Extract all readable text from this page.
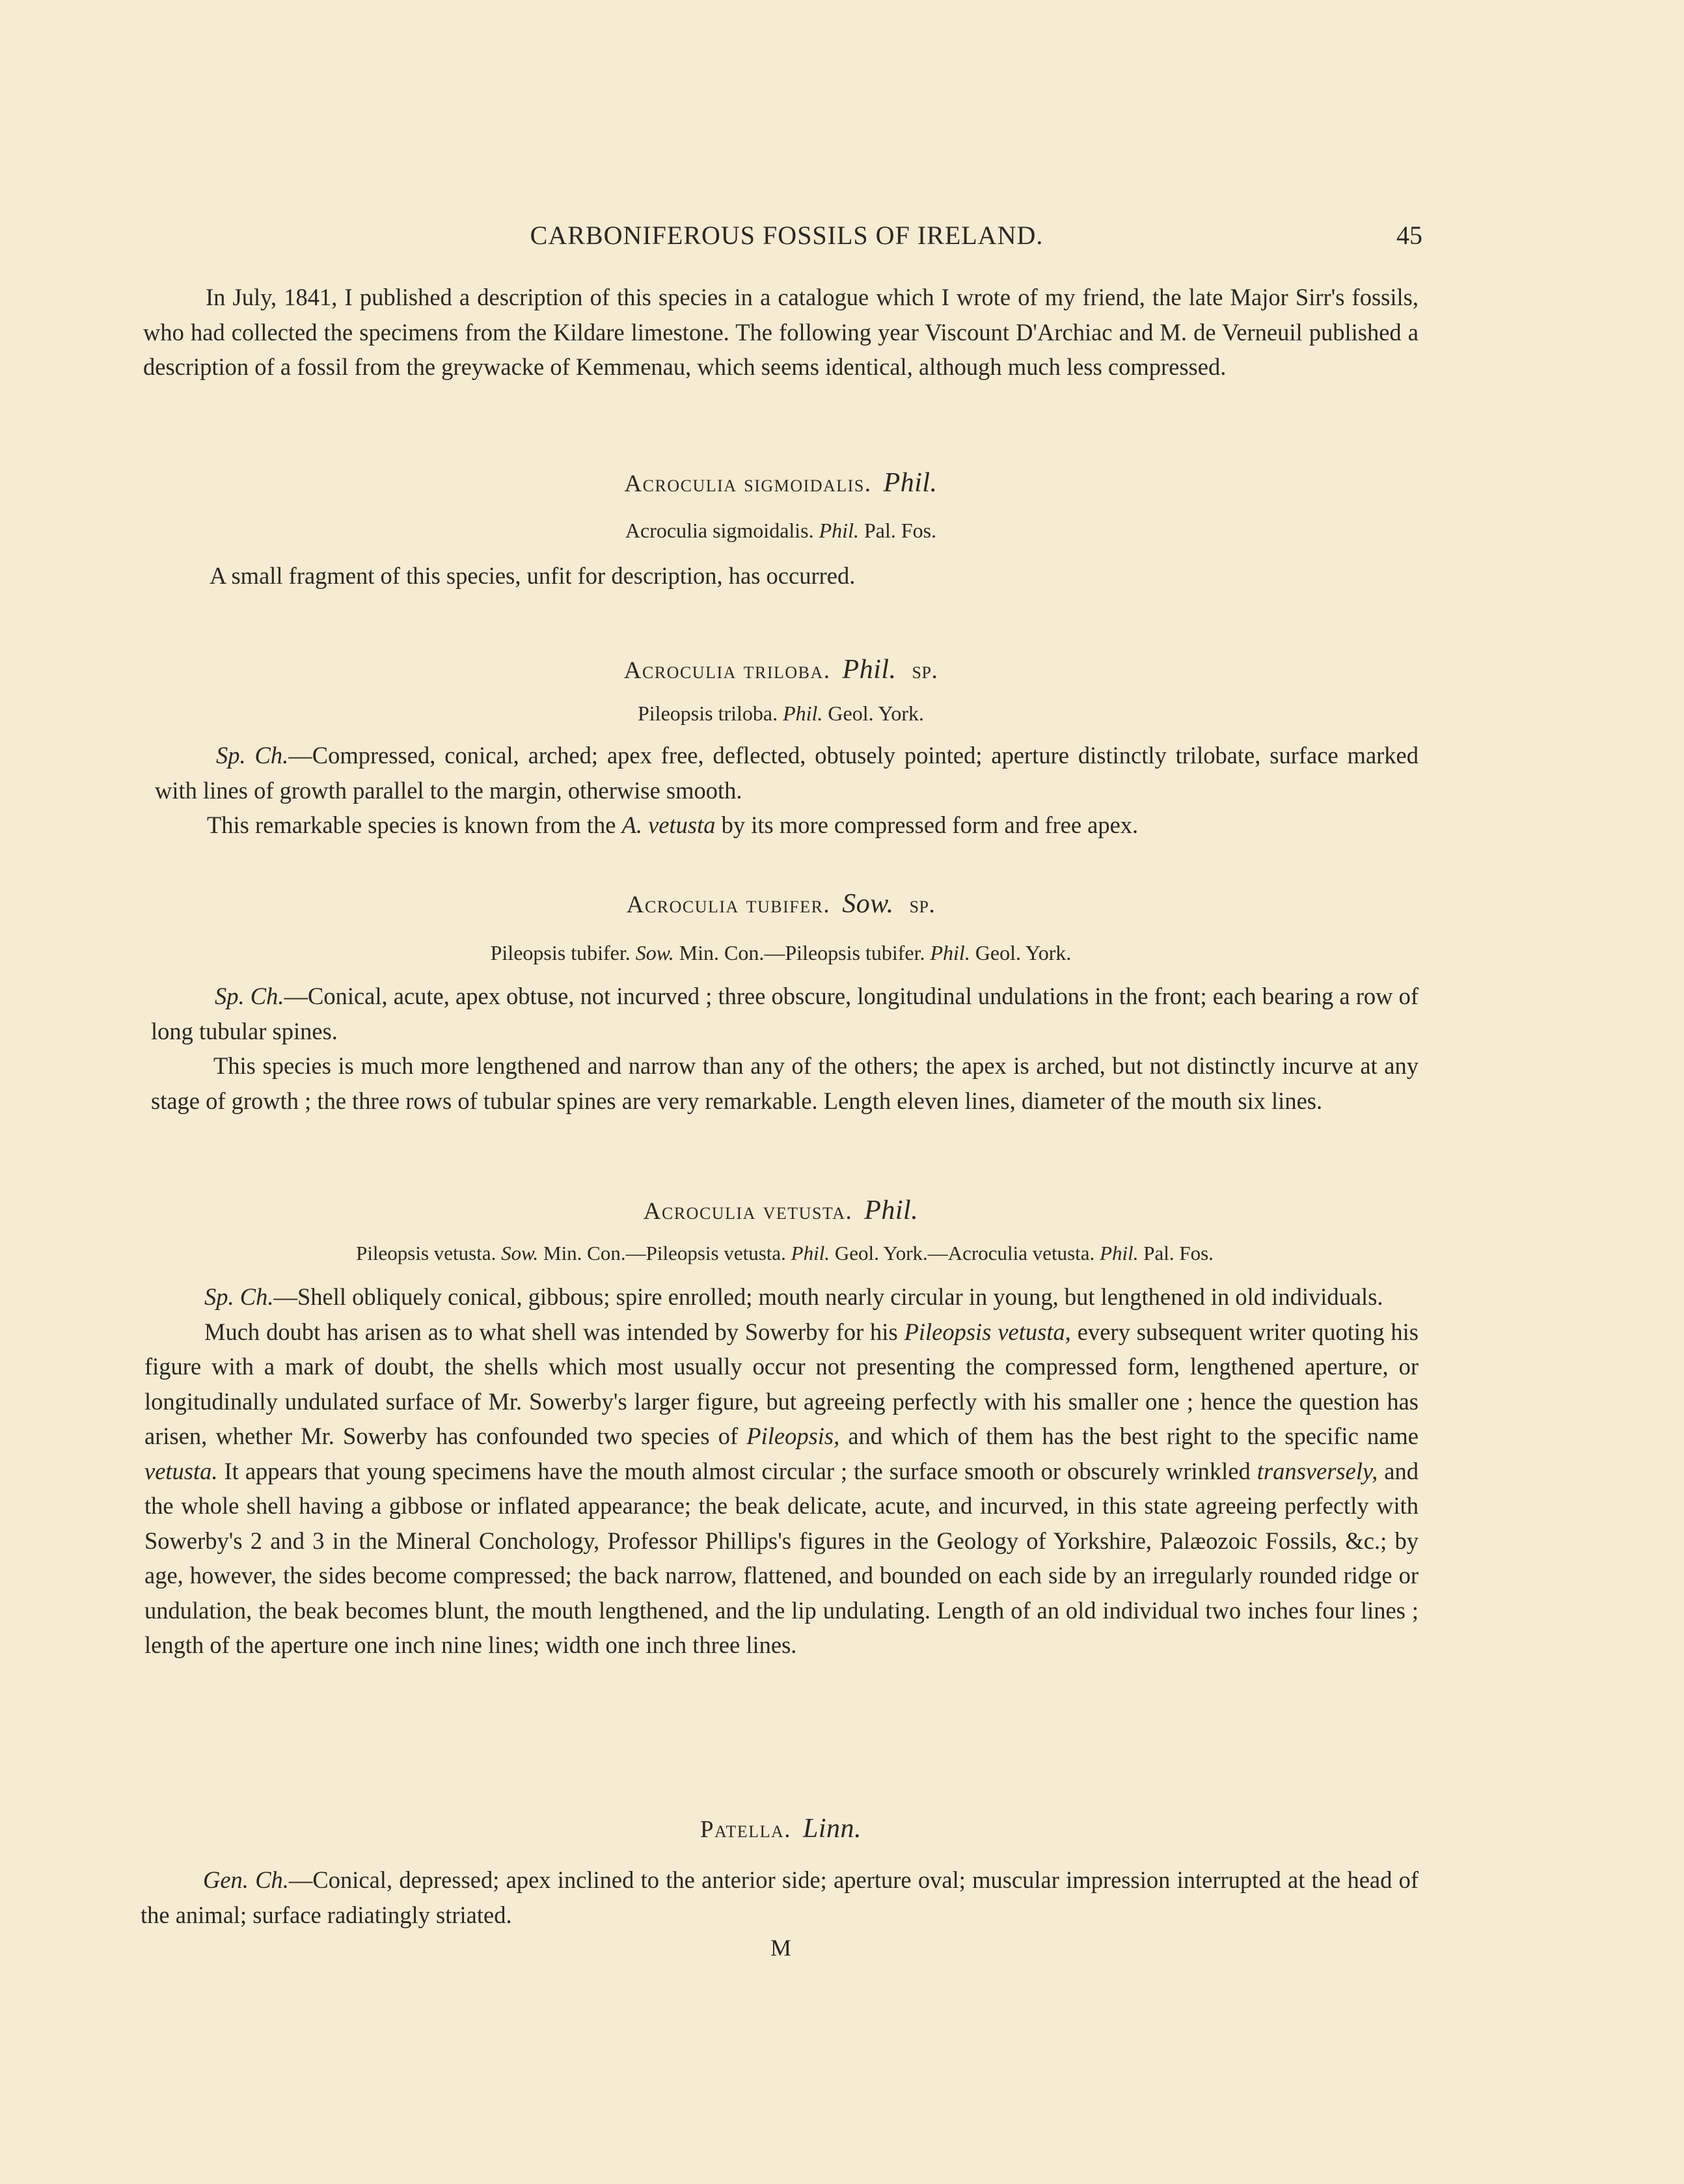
CARBONIFEROUS FOSSILS OF IRELAND.	45

In July, 1841, I published a description of this species in a catalogue which I wrote of my friend, the late Major Sirr's fossils, who had collected the specimens from the Kildare limestone. The following year Viscount D'Archiac and M. de Verneuil published a description of a fossil from the greywacke of Kemmenau, which seems identical, although much less compressed.

Acroculia sigmoidalis. Phil.
Acroculia sigmoidalis. Phil. Pal. Fos.

A small fragment of this species, unfit for description, has occurred.

Acroculia triloba. Phil. sp.
Pileopsis triloba. Phil. Geol. York.

Sp. Ch.—Compressed, conical, arched; apex free, deflected, obtusely pointed; aperture distinctly trilobate, surface marked with lines of growth parallel to the margin, otherwise smooth.

This remarkable species is known from the A. vetusta by its more compressed form and free apex.

Acroculia tubifer. Sow. sp.
Pileopsis tubifer. Sow. Min. Con.—Pileopsis tubifer. Phil. Geol. York.

Sp. Ch.—Conical, acute, apex obtuse, not incurved ; three obscure, longitudinal undulations in the front; each bearing a row of long tubular spines.

This species is much more lengthened and narrow than any of the others; the apex is arched, but not distinctly incurve at any stage of growth ; the three rows of tubular spines are very remarkable. Length eleven lines, diameter of the mouth six lines.

Acroculia vetusta. Phil.
Pileopsis vetusta. Sow. Min. Con.—Pileopsis vetusta. Phil. Geol. York.—Acroculia vetusta. Phil. Pal. Fos.

Sp. Ch.—Shell obliquely conical, gibbous; spire enrolled; mouth nearly circular in young, but lengthened in old individuals.

Much doubt has arisen as to what shell was intended by Sowerby for his Pileopsis vetusta, every subsequent writer quoting his figure with a mark of doubt, the shells which most usually occur not presenting the compressed form, lengthened aperture, or longitudinally undulated surface of Mr. Sowerby's larger figure, but agreeing perfectly with his smaller one ; hence the question has arisen, whether Mr. Sowerby has confounded two species of Pileopsis, and which of them has the best right to the specific name vetusta. It appears that young specimens have the mouth almost circular ; the surface smooth or obscurely wrinkled transversely, and the whole shell having a gibbose or inflated appearance; the beak delicate, acute, and incurved, in this state agreeing perfectly with Sowerby's 2 and 3 in the Mineral Conchology, Professor Phillips's figures in the Geology of Yorkshire, Palæozoic Fossils, &c.; by age, however, the sides become compressed; the back narrow, flattened, and bounded on each side by an irregularly rounded ridge or undulation, the beak becomes blunt, the mouth lengthened, and the lip undulating. Length of an old individual two inches four lines ; length of the aperture one inch nine lines; width one inch three lines.

Patella. Linn.

Gen. Ch.—Conical, depressed; apex inclined to the anterior side; aperture oval; muscular impression interrupted at the head of the animal; surface radiatingly striated.

M
